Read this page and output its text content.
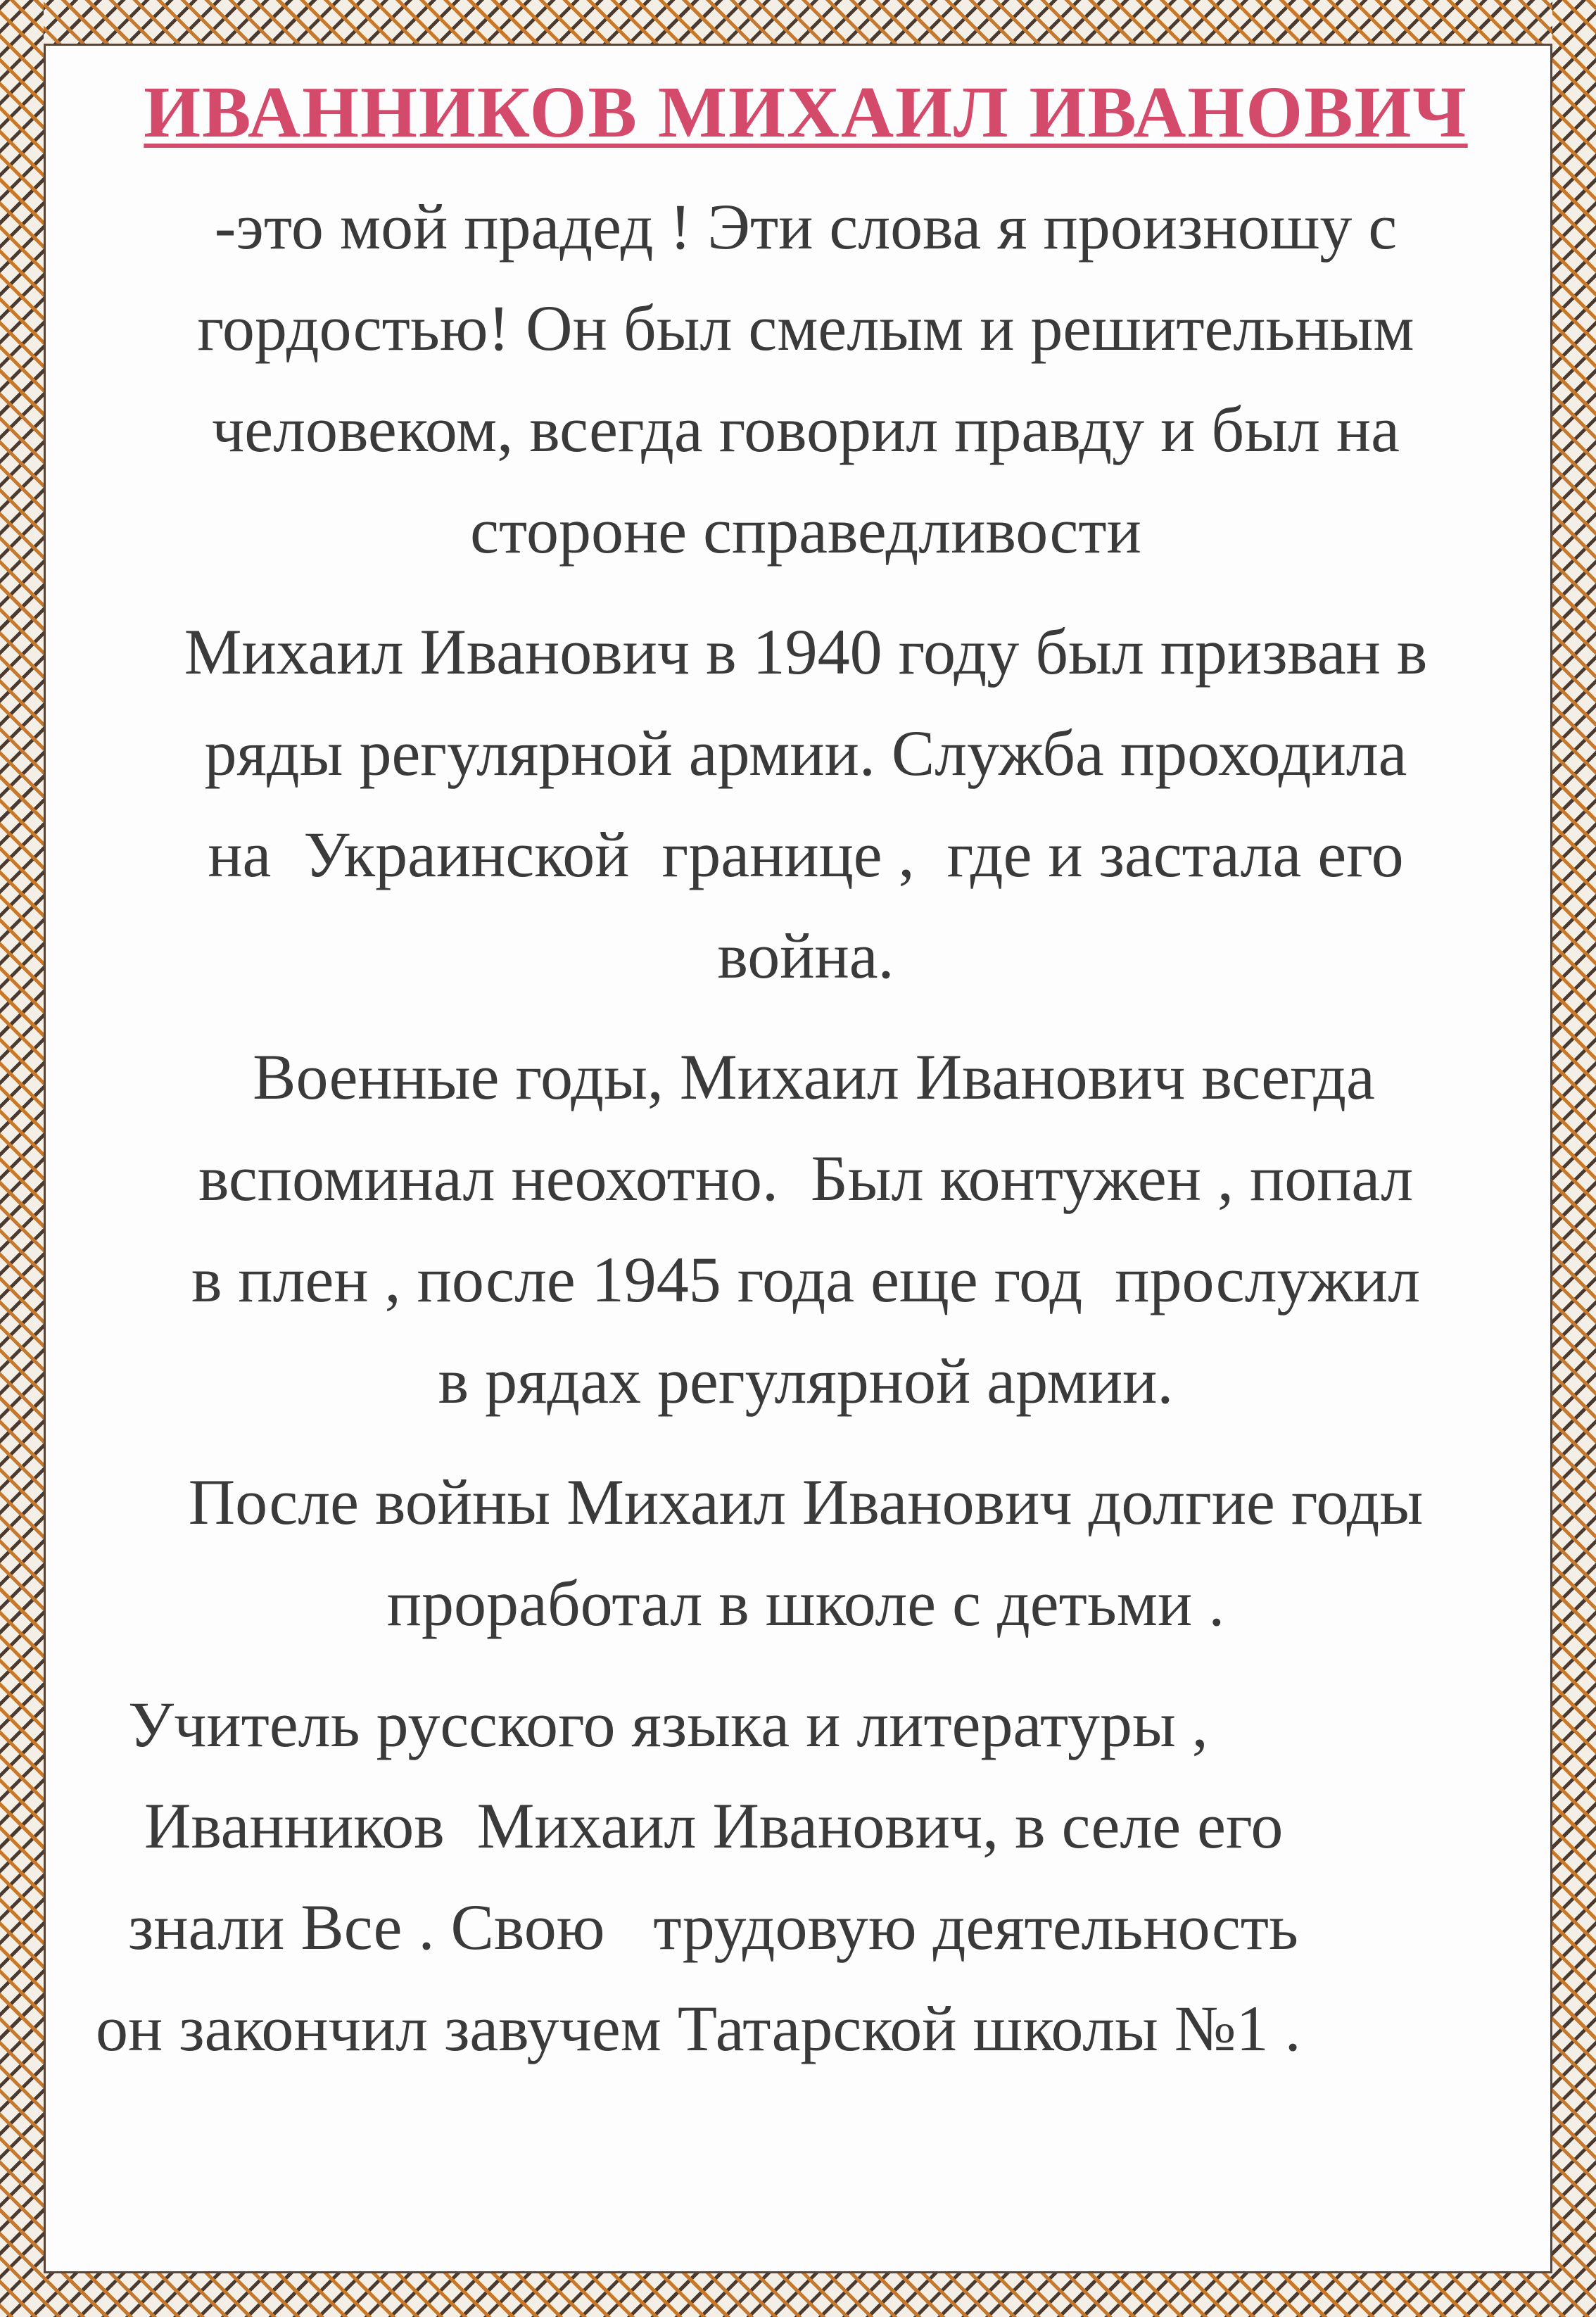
ИВАННИКОВ МИХАИЛ ИВАНОВИЧ
-это мой прадед ! Эти слова я произношу с
гордостью! Он был смелым и решительным
человеком, всегда говорил правду и был на
стороне справедливости
Михаил Иванович в 1940 году был призван в
ряды регулярной армии. Служба проходила
на  Украинской  границе ,  где и застала его
война.
Военные годы, Михаил Иванович всегда
вспоминал неохотно.  Был контужен , попал
в плен , после 1945 года еще год  прослужил
в рядах регулярной армии.
После войны Михаил Иванович долгие годы
проработал в школе с детьми .
Учитель русского языка и литературы ,
Иванников  Михаил Иванович, в селе его
знали Все . Свою   трудовую деятельность
он закончил завучем Татарской школы №1 .
